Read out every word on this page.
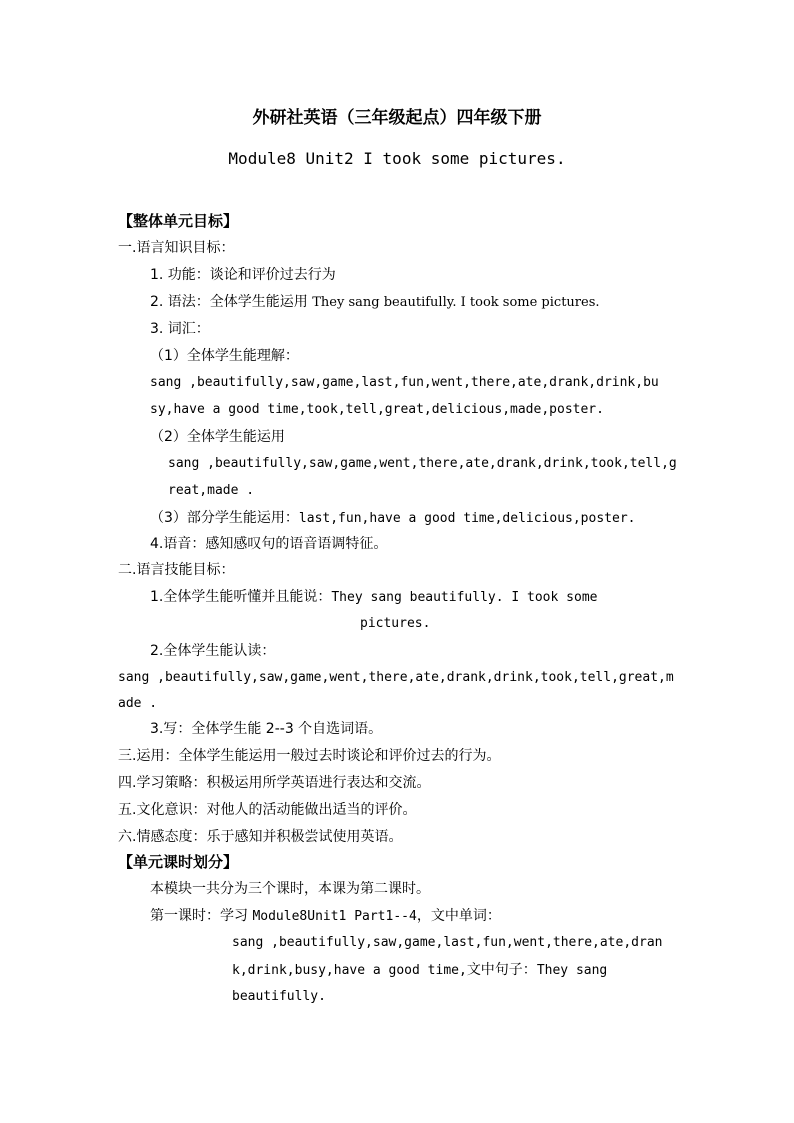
外研社英语（三年级起点）四年级下册
Module8 Unit2 I took some pictures.
【整体单元目标】
一.语言知识目标：
1. 功能：谈论和评价过去行为
2. 语法：全体学生能运用 They sang beautifully. I took some pictures.
3. 词汇：
（1）全体学生能理解：
sang ,beautifully,saw,game,last,fun,went,there,ate,drank,drink,bu
sy,have a good time,took,tell,great,delicious,made,poster.
（2）全体学生能运用
sang ,beautifully,saw,game,went,there,ate,drank,drink,took,tell,g
reat,made .
（3）部分学生能运用：last,fun,have a good time,delicious,poster.
4.语音：感知感叹句的语音语调特征。
二.语言技能目标：
1.全体学生能听懂并且能说：They sang beautifully. I took some
pictures.
2.全体学生能认读：
sang ,beautifully,saw,game,went,there,ate,drank,drink,took,tell,great,m
ade .
3.写：全体学生能 2--3 个自选词语。
三.运用：全体学生能运用一般过去时谈论和评价过去的行为。
四.学习策略：积极运用所学英语进行表达和交流。
五.文化意识：对他人的活动能做出适当的评价。
六.情感态度：乐于感知并积极尝试使用英语。
【单元课时划分】
本模块一共分为三个课时，本课为第二课时。
第一课时：学习 Module8Unit1 Part1--4，文中单词：
sang ,beautifully,saw,game,last,fun,went,there,ate,dran
k,drink,busy,have a good time,文中句子：They sang
beautifully.
